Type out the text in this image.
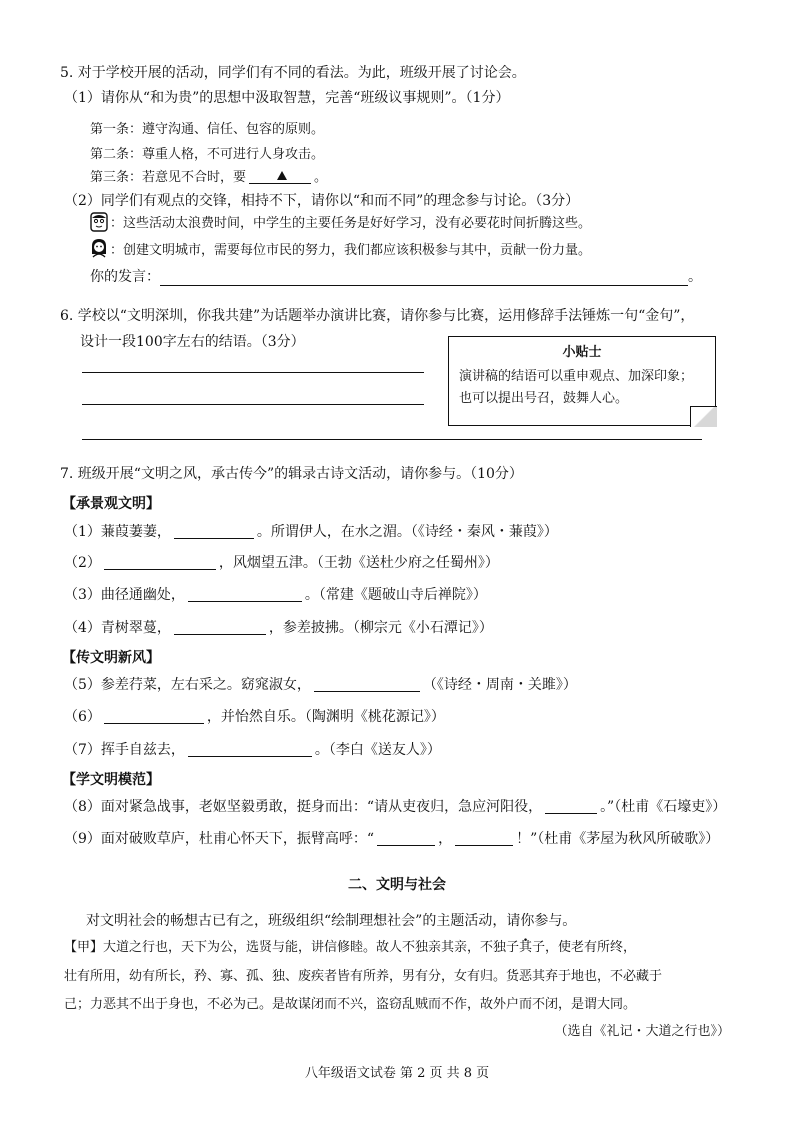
5. 对于学校开展的活动，同学们有不同的看法。为此，班级开展了讨论会。
（1）请你从“和为贵”的思想中汲取智慧，完善“班级议事规则”。（1分）
第一条：遵守沟通、信任、包容的原则。
第二条：尊重人格，不可进行人身攻击。
第三条：若意见不合时，要	。
（2）同学们有观点的交锋，相持不下，请你以“和而不同”的理念参与讨论。（3分）
：这些活动太浪费时间，中学生的主要任务是好好学习，没有必要花时间折腾这些。
：创建文明城市，需要每位市民的努力，我们都应该积极参与其中，贡献一份力量。
你的发言：	。
6. 学校以“文明深圳，你我共建”为话题举办演讲比赛，请你参与比赛，运用修辞手法锤炼一句“金句”，
设计一段100字左右的结语。（3分）
小贴士
演讲稿的结语可以重申观点、加深印象；
也可以提出号召，鼓舞人心。
7. 班级开展“文明之风，承古传今”的辑录古诗文活动，请你参与。（10分）
【承景观文明】
（1）蒹葭萋萋，	。所谓伊人，在水之湄。（《诗经・秦风・蒹葭》）
（2）	，风烟望五津。（王勃《送杜少府之任蜀州》）
（3）曲径通幽处，	。（常建《题破山寺后禅院》）
（4）青树翠蔓，	，参差披拂。（柳宗元《小石潭记》）
【传文明新风】
（5）参差荇菜，左右采之。窈窕淑女，	（《诗经・周南・关雎》）
（6）	，并怡然自乐。（陶渊明《桃花源记》）
（7）挥手自兹去，	。（李白《送友人》）
【学文明模范】
（8）面对紧急战事，老妪坚毅勇敢，挺身而出：“请从吏夜归，急应河阳役，	。”（杜甫《石壕吏》）
（9）面对破败草庐，杜甫心怀天下，振臂高呼：“	，	！”（杜甫《茅屋为秋风所破歌》）
二、文明与社会
对文明社会的畅想古已有之，班级组织“绘制理想社会”的主题活动，请你参与。
【甲】大道之行也，天下为公，选贤与能，讲信修睦。故人不独亲其亲，不独子其子，使老有所终，
壮有所用，幼有所长，矜、寡、孤、独、废疾者皆有所养，男有分，女有归。货恶其弃于地也，不必藏于
己；力恶其不出于身也，不必为己。是故谋闭而不兴，盗窃乱贼而不作，故外户而不闭，是谓大同。
（选自《礼记・大道之行也》）
八年级语文试卷 第 2 页 共 8 页
